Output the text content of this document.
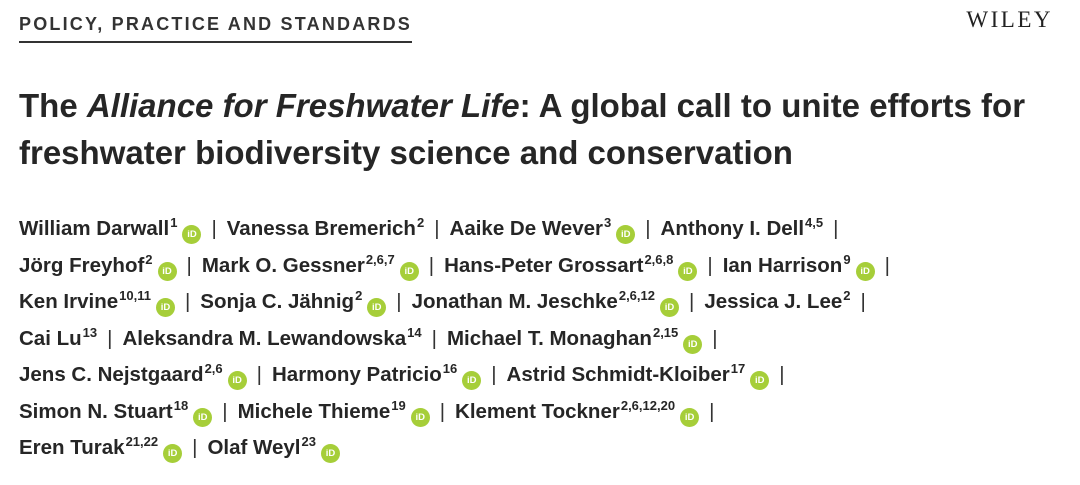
POLICY, PRACTICE AND STANDARDS	WILEY
The Alliance for Freshwater Life: A global call to unite efforts for freshwater biodiversity science and conservation
William Darwall$^1$iD | Vanessa Bremerich$^2$ | Aaike De Wever$^3$iD | Anthony I. Dell$^{4,5}$ |
Jörg Freyhof$^2$iD | Mark O. Gessner$^{2,6,7}$iD | Hans-Peter Grossart$^{2,6,8}$iD | Ian Harrison$^9$iD |
Ken Irvine$^{10,11}$iD | Sonja C. Jähnig$^2$iD | Jonathan M. Jeschke$^{2,6,12}$iD | Jessica J. Lee$^2$ |
Cai Lu$^{13}$ | Aleksandra M. Lewandowska$^{14}$ | Michael T. Monaghan$^{2,15}$iD |
Jens C. Nejstgaard$^{2,6}$iD | Harmony Patricio$^{16}$iD | Astrid Schmidt-Kloiber$^{17}$iD |
Simon N. Stuart$^{18}$iD | Michele Thieme$^{19}$iD | Klement Tockner$^{2,6,12,20}$iD |
Eren Turak$^{21,22}$iD | Olaf Weyl$^{23}$iD
